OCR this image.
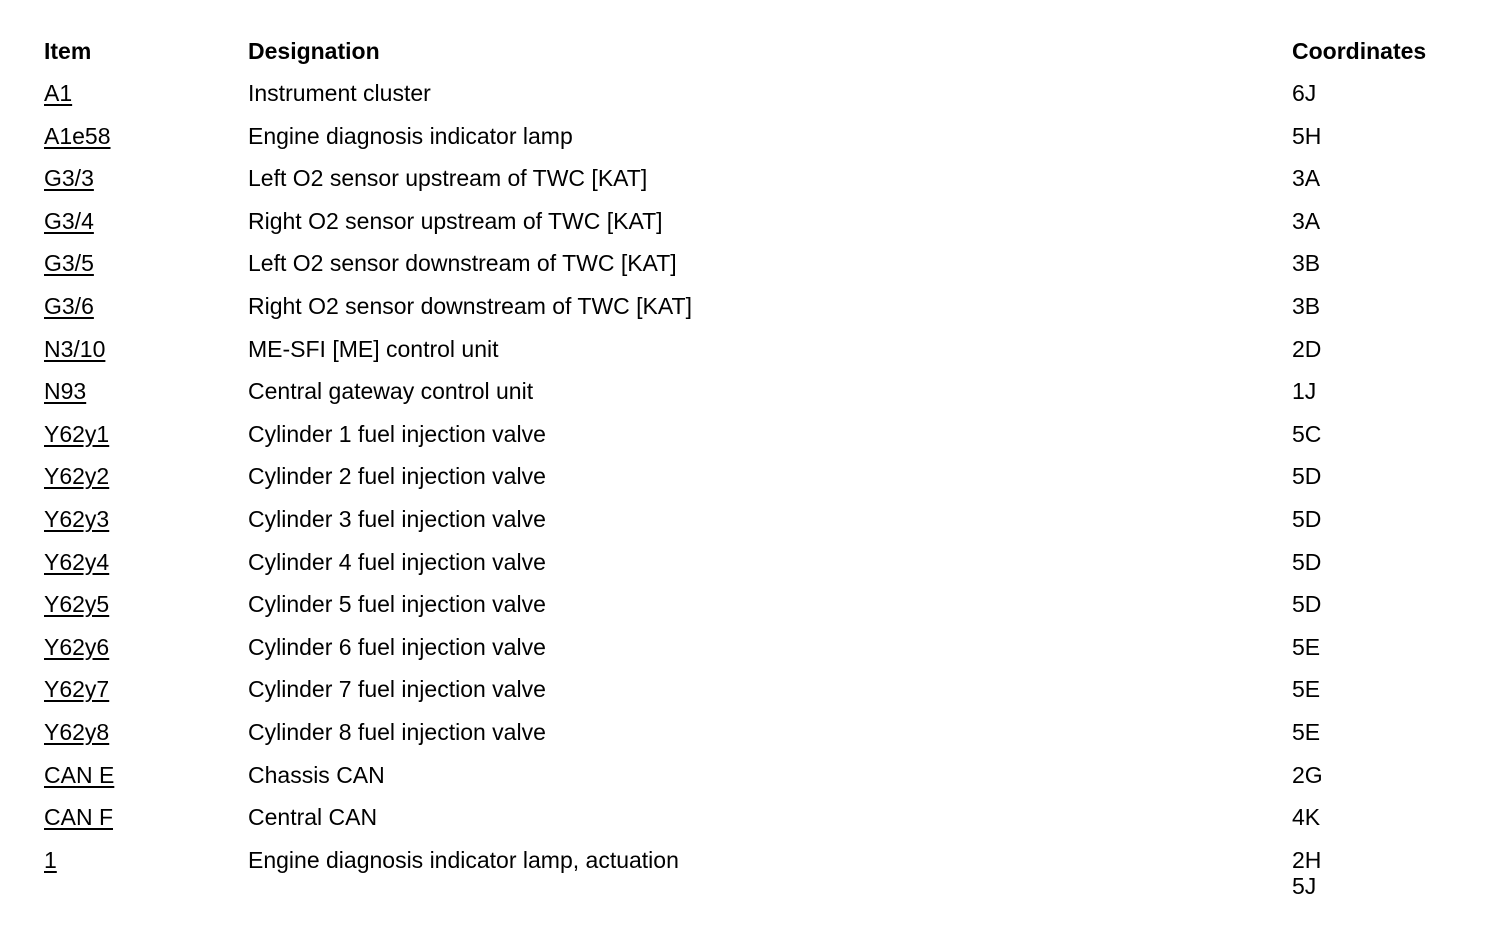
Item	Designation	Coordinates
A1	Instrument cluster	6J
A1e58	Engine diagnosis indicator lamp	5H
G3/3	Left O2 sensor upstream of TWC [KAT]	3A
G3/4	Right O2 sensor upstream of TWC [KAT]	3A
G3/5	Left O2 sensor downstream of TWC [KAT]	3B
G3/6	Right O2 sensor downstream of TWC [KAT]	3B
N3/10	ME-SFI [ME] control unit	2D
N93	Central gateway control unit	1J
Y62y1	Cylinder 1 fuel injection valve	5C
Y62y2	Cylinder 2 fuel injection valve	5D
Y62y3	Cylinder 3 fuel injection valve	5D
Y62y4	Cylinder 4 fuel injection valve	5D
Y62y5	Cylinder 5 fuel injection valve	5D
Y62y6	Cylinder 6 fuel injection valve	5E
Y62y7	Cylinder 7 fuel injection valve	5E
Y62y8	Cylinder 8 fuel injection valve	5E
CAN E	Chassis CAN	2G
CAN F	Central CAN	4K
1	Engine diagnosis indicator lamp, actuation	2H
5J
